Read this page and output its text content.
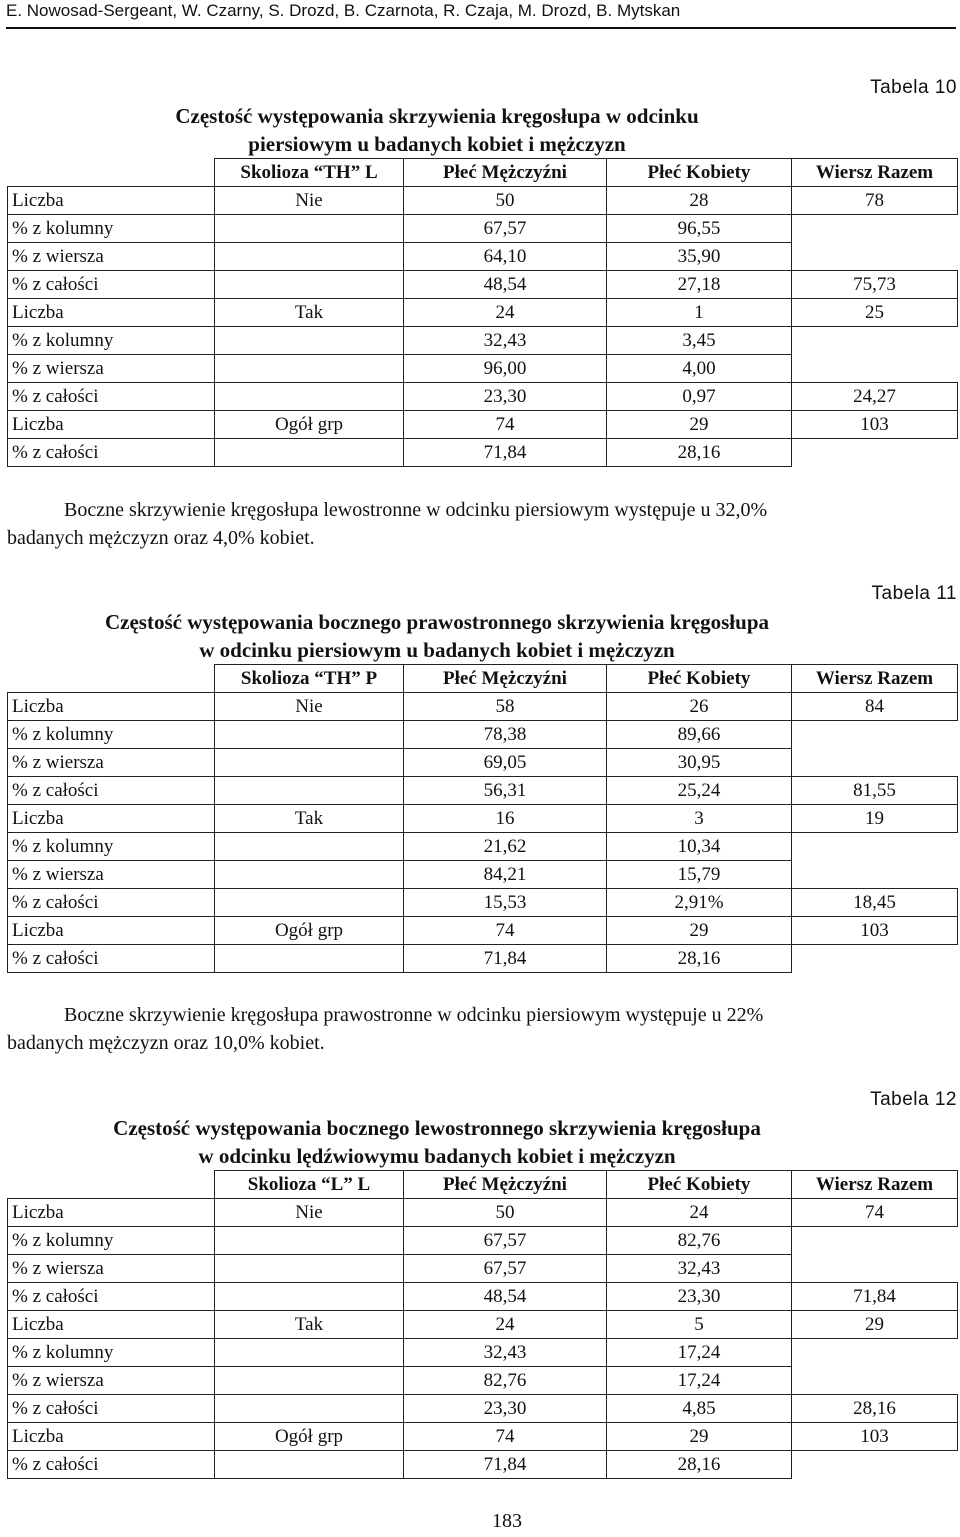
E. Nowosad-Sergeant, W. Czarny, S. Drozd, B. Czarnota, R. Czaja, M. Drozd, B. Mytskan
Tabela 10
Częstość występowania skrzywienia kręgosłupa w odcinku
piersiowym u badanych kobiet i mężczyzn
	Skolioza “TH” L	Płeć Mężczyźni	Płeć Kobiety	Wiersz Razem
Liczba	Nie	50	28	78
% z kolumny		67,57	96,55	
% z wiersza		64,10	35,90	
% z całości		48,54	27,18	75,73
Liczba	Tak	24	1	25
% z kolumny		32,43	3,45	
% z wiersza		96,00	4,00	
% z całości		23,30	0,97	24,27
Liczba	Ogół grp	74	29	103
% z całości		71,84	28,16	
Boczne skrzywienie kręgosłupa lewostronne w odcinku piersiowym występuje u 32,0%
badanych mężczyzn oraz 4,0% kobiet.
Tabela 11
Częstość występowania bocznego prawostronnego skrzywienia kręgosłupa
w odcinku piersiowym u badanych kobiet i mężczyzn
	Skolioza “TH” P	Płeć Mężczyźni	Płeć Kobiety	Wiersz Razem
Liczba	Nie	58	26	84
% z kolumny		78,38	89,66	
% z wiersza		69,05	30,95	
% z całości		56,31	25,24	81,55
Liczba	Tak	16	3	19
% z kolumny		21,62	10,34	
% z wiersza		84,21	15,79	
% z całości		15,53	2,91%	18,45
Liczba	Ogół grp	74	29	103
% z całości		71,84	28,16	
Boczne skrzywienie kręgosłupa prawostronne w odcinku piersiowym występuje u 22%
badanych mężczyzn oraz 10,0% kobiet.
Tabela 12
Częstość występowania bocznego lewostronnego skrzywienia kręgosłupa
w odcinku lędźwiowymu badanych kobiet i mężczyzn
	Skolioza “L” L	Płeć Mężczyźni	Płeć Kobiety	Wiersz Razem
Liczba	Nie	50	24	74
% z kolumny		67,57	82,76	
% z wiersza		67,57	32,43	
% z całości		48,54	23,30	71,84
Liczba	Tak	24	5	29
% z kolumny		32,43	17,24	
% z wiersza		82,76	17,24	
% z całości		23,30	4,85	28,16
Liczba	Ogół grp	74	29	103
% z całości		71,84	28,16	
183
